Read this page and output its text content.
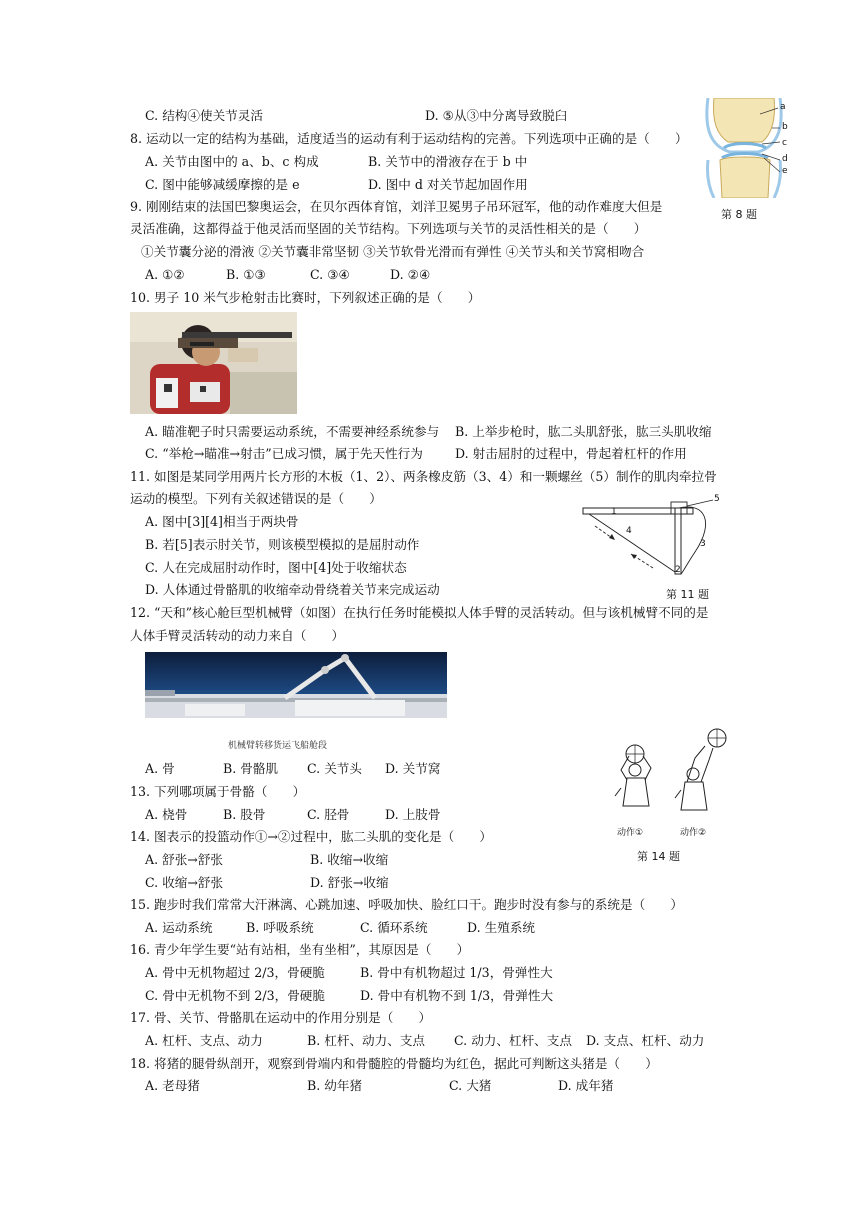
C. 结构④使关节灵活	D. ⑤从③中分离导致脱臼
8. 运动以一定的结构为基础，适度适当的运动有利于运动结构的完善。下列选项中正确的是（　　）
A. 关节由图中的 a、b、c 构成	B. 关节中的滑液存在于 b 中
C. 图中能够减缓摩擦的是 e	D. 图中 d 对关节起加固作用
a
b
c
d
e
第 8 题
9. 刚刚结束的法国巴黎奥运会，在贝尔西体育馆，刘洋卫冕男子吊环冠军，他的动作难度大但是
灵活准确，这都得益于他灵活而坚固的关节结构。下列选项与关节的灵活性相关的是（　　）
①关节囊分泌的滑液 ②关节囊非常坚韧 ③关节软骨光滑而有弹性 ④关节头和关节窝相吻合
A. ①②	B. ①③	C. ③④	D. ②④
10. 男子 10 米气步枪射击比赛时，下列叙述正确的是（　　）
A. 瞄准靶子时只需要运动系统，不需要神经系统参与 B. 上举步枪时，肱二头肌舒张，肱三头肌收缩
C. “举枪→瞄准→射击”已成习惯，属于先天性行为	D. 射击屈肘的过程中，骨起着杠杆的作用
11. 如图是某同学用两片长方形的木板（1、2）、两条橡皮筋（3、4）和一颗螺丝（5）制作的肌肉牵拉骨
运动的模型。下列有关叙述错误的是（　　）
A. 图中[3][4]相当于两块骨
B. 若[5]表示肘关节，则该模型模拟的是屈肘动作
C. 人在完成屈肘动作时，图中[4]处于收缩状态
D. 人体通过骨骼肌的收缩牵动骨绕着关节来完成运动
1
2
3
4
5
第 11 题
12. “天和”核心舱巨型机械臂（如图）在执行任务时能模拟人体手臂的灵活转动。但与该机械臂不同的是
人体手臂灵活转动的动力来自（　　）
机械臂转移货运飞船舱段
A. 骨	B. 骨骼肌 C. 关节头 D. 关节窝
动作①	动作②
第 14 题
13. 下列哪项属于骨骼（　　）
A. 桡骨	B. 股骨	C. 胫骨	D. 上肢骨
14. 图表示的投篮动作①→②过程中，肱二头肌的变化是（　　）
A. 舒张→舒张	B. 收缩→收缩
C. 收缩→舒张	D. 舒张→收缩
15. 跑步时我们常常大汗淋漓、心跳加速、呼吸加快、脸红口干。跑步时没有参与的系统是（　　）
A. 运动系统	B. 呼吸系统	C. 循环系统	D. 生殖系统
16. 青少年学生要“站有站相，坐有坐相”，其原因是（　　）
A. 骨中无机物超过 2/3，骨硬脆	B. 骨中有机物超过 1/3，骨弹性大
C. 骨中无机物不到 2/3，骨硬脆	D. 骨中有机物不到 1/3，骨弹性大
17. 骨、关节、骨骼肌在运动中的作用分别是（　　）
A. 杠杆、支点、动力	B. 杠杆、动力、支点 C. 动力、杠杆、支点 D. 支点、杠杆、动力
18. 将猪的腿骨纵剖开，观察到骨端内和骨髓腔的骨髓均为红色，据此可判断这头猪是（　　）
A. 老母猪	B. 幼年猪	C. 大猪	D. 成年猪
